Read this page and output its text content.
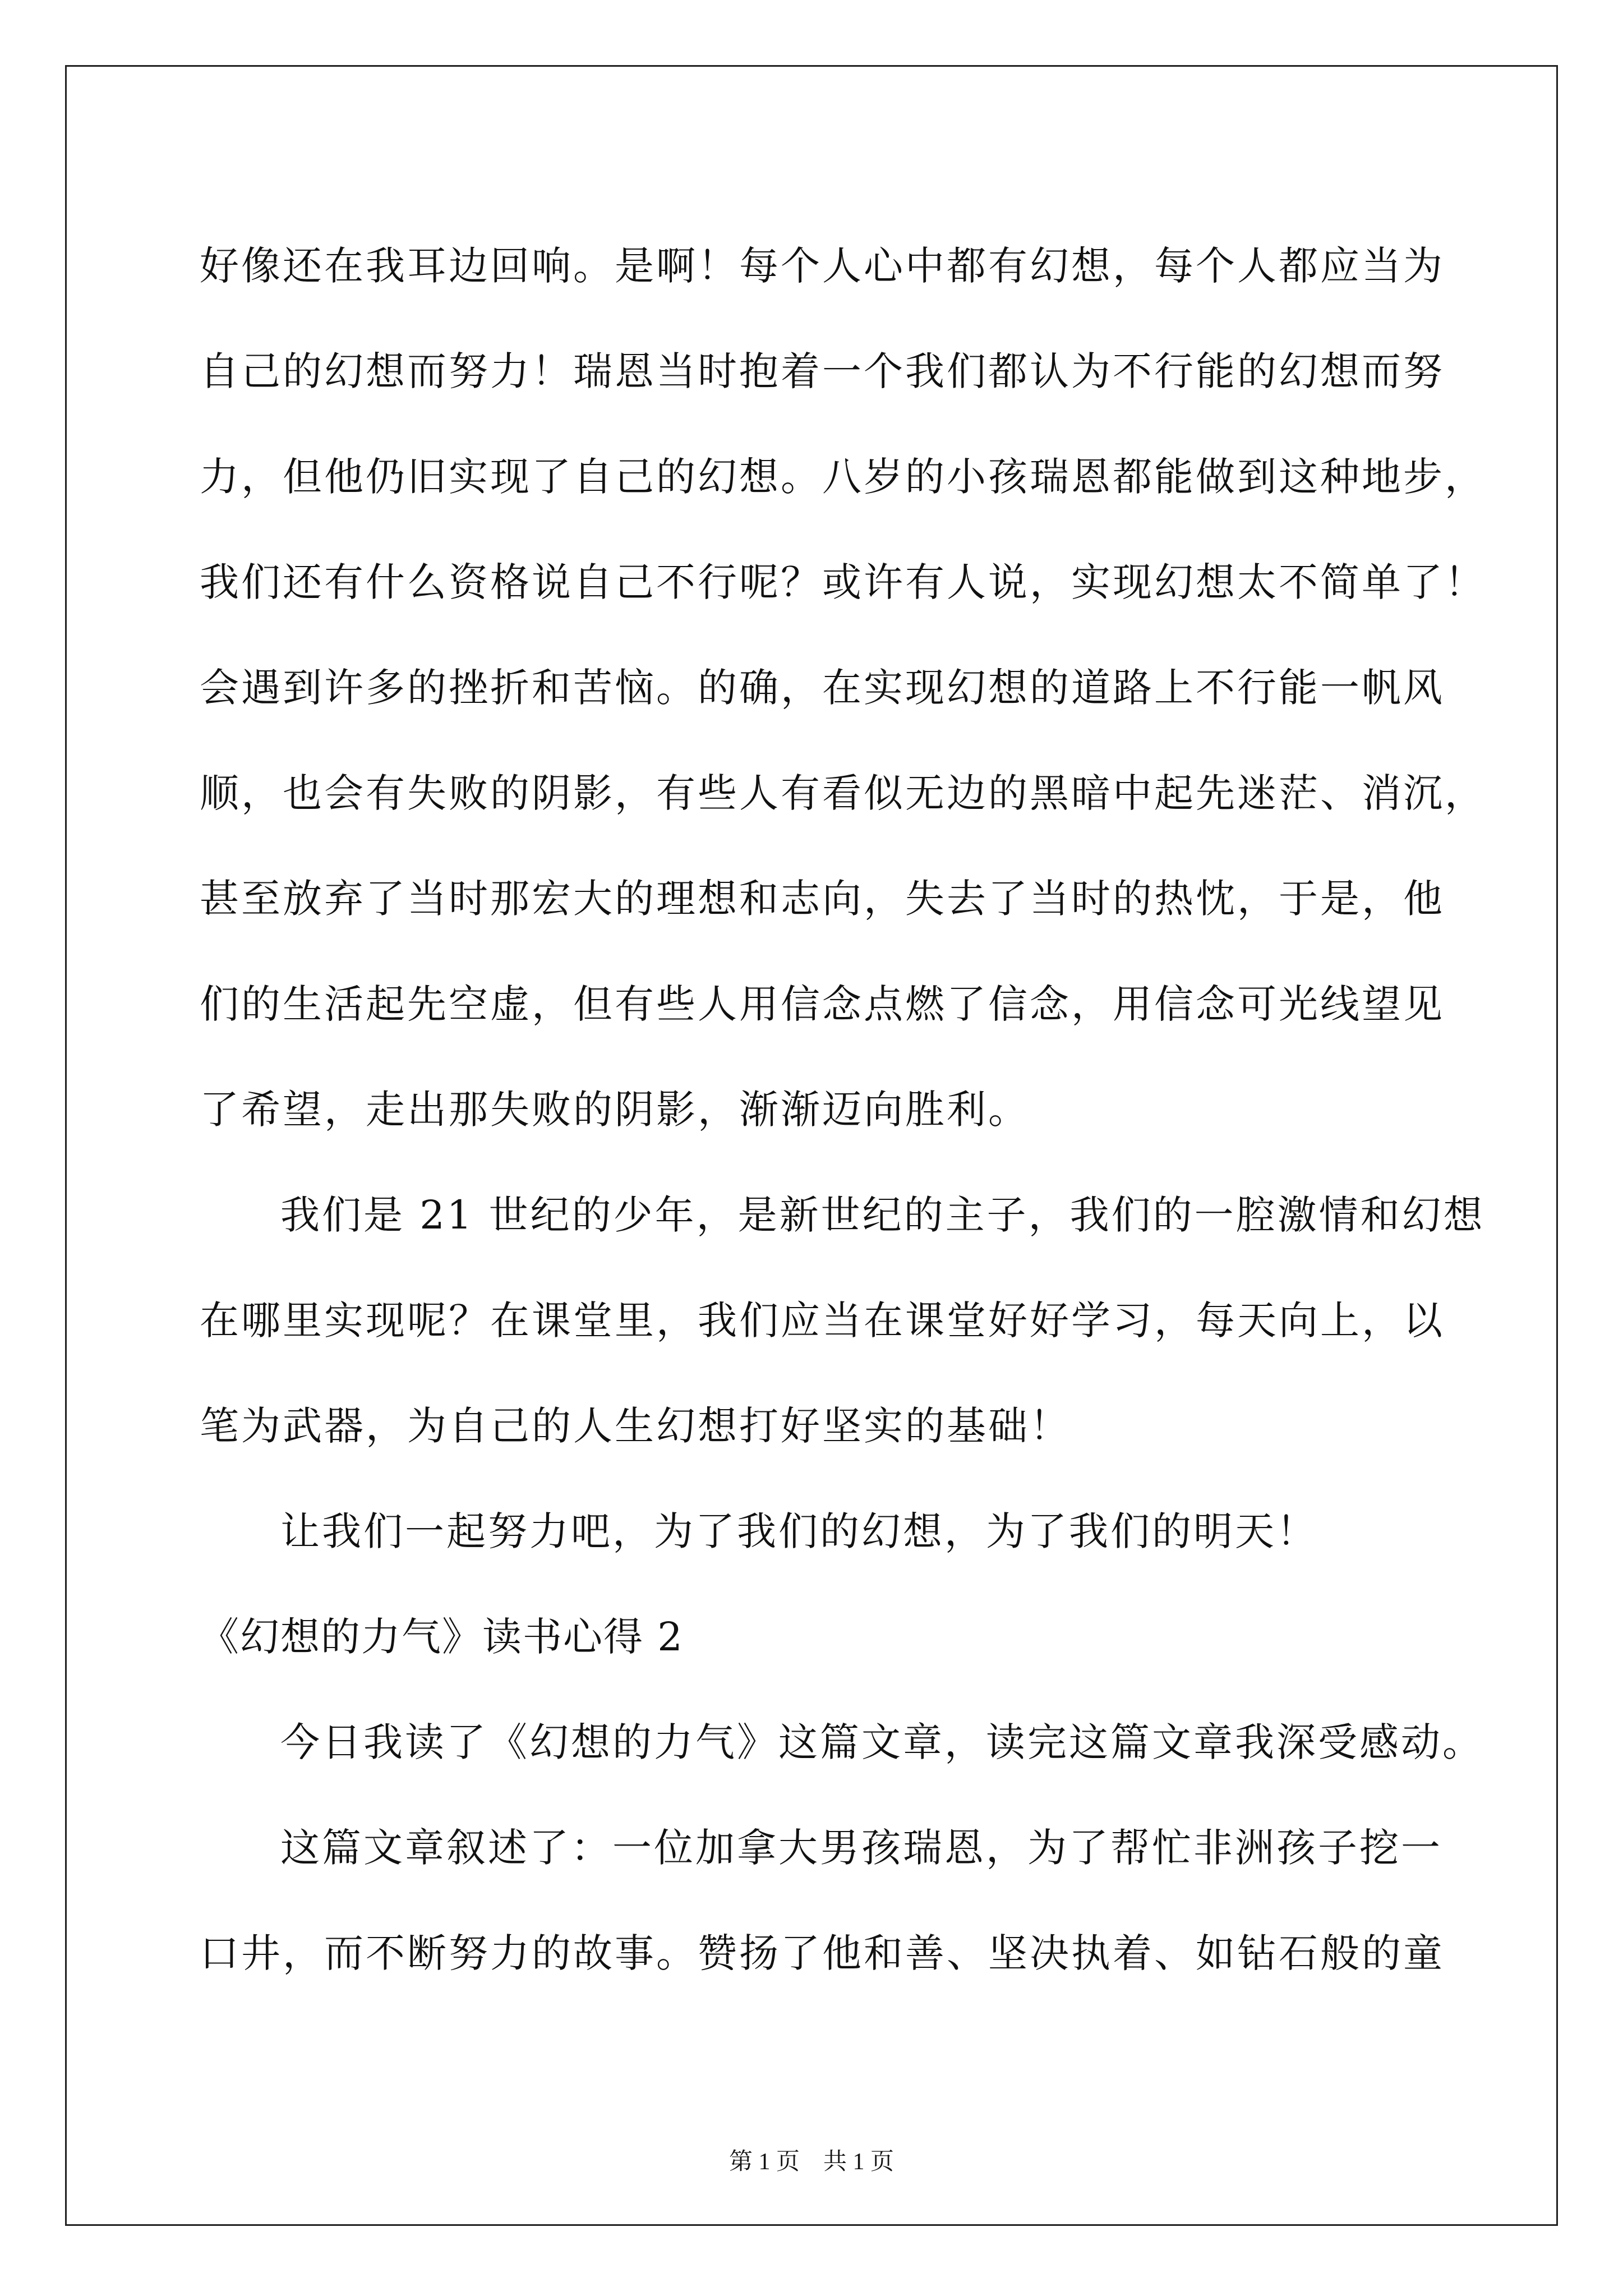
好像还在我耳边回响。是啊！每个人心中都有幻想，每个人都应当为
自己的幻想而努力！瑞恩当时抱着一个我们都认为不行能的幻想而努
力，但他仍旧实现了自己的幻想。八岁的小孩瑞恩都能做到这种地步，
我们还有什么资格说自己不行呢？或许有人说，实现幻想太不简单了！
会遇到许多的挫折和苦恼。的确，在实现幻想的道路上不行能一帆风
顺，也会有失败的阴影，有些人有看似无边的黑暗中起先迷茫、消沉，
甚至放弃了当时那宏大的理想和志向，失去了当时的热忱，于是，他
们的生活起先空虚，但有些人用信念点燃了信念，用信念可光线望见
了希望，走出那失败的阴影，渐渐迈向胜利。
我们是 21 世纪的少年，是新世纪的主子，我们的一腔激情和幻想
在哪里实现呢？在课堂里，我们应当在课堂好好学习，每天向上，以
笔为武器，为自己的人生幻想打好坚实的基础！
让我们一起努力吧，为了我们的幻想，为了我们的明天！
《幻想的力气》读书心得 2
今日我读了《幻想的力气》这篇文章，读完这篇文章我深受感动。
这篇文章叙述了：一位加拿大男孩瑞恩，为了帮忙非洲孩子挖一
口井，而不断努力的故事。赞扬了他和善、坚决执着、如钻石般的童
第 1 页　共 1 页
